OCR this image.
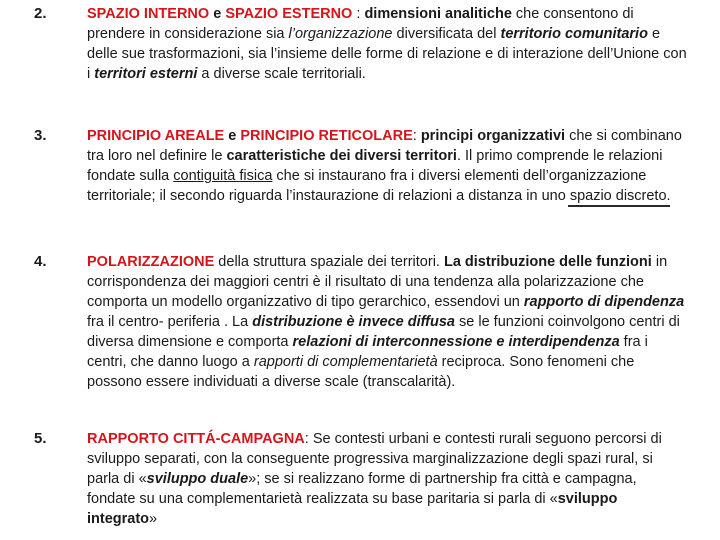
2.	SPAZIO INTERNO e SPAZIO ESTERNO : dimensioni analitiche che consentono di prendere in considerazione sia l’organizzazione diversificata del territorio comunitario e delle sue trasformazioni, sia l’insieme delle forme di relazione e di interazione dell’Unione con i territori esterni a diverse scale territoriali.
3.	PRINCIPIO AREALE e PRINCIPIO RETICOLARE: principi organizzativi che si combinano tra loro nel definire le caratteristiche dei diversi territori. Il primo comprende le relazioni fondate sulla contiguità fisica che si instaurano fra i diversi elementi dell’organizzazione territoriale; il secondo riguarda l’instaurazione di relazioni a distanza in uno spazio discreto.
4.	POLARIZZAZIONE della struttura spaziale dei territori. La distribuzione delle funzioni in corrispondenza dei maggiori centri è il risultato di una tendenza alla polarizzazione che comporta un modello organizzativo di tipo gerarchico, essendovi un rapporto di dipendenza fra il centro- periferia . La distribuzione è invece diffusa se le funzioni coinvolgono centri di diversa dimensione e comporta relazioni di interconnessione e interdipendenza fra i centri, che danno luogo a rapporti di complementarietà reciproca. Sono fenomeni che possono essere individuati a diverse scale (transcalarità).
5.	RAPPORTO CITTÁ-CAMPAGNA: Se contesti urbani e contesti rurali seguono percorsi di sviluppo separati, con la conseguente progressiva marginalizzazione degli spazi rural, si parla di «sviluppo duale»; se si realizzano forme di partnership fra città e campagna, fondate su una complementarietà realizzata su base paritaria si parla di «sviluppo integrato»
